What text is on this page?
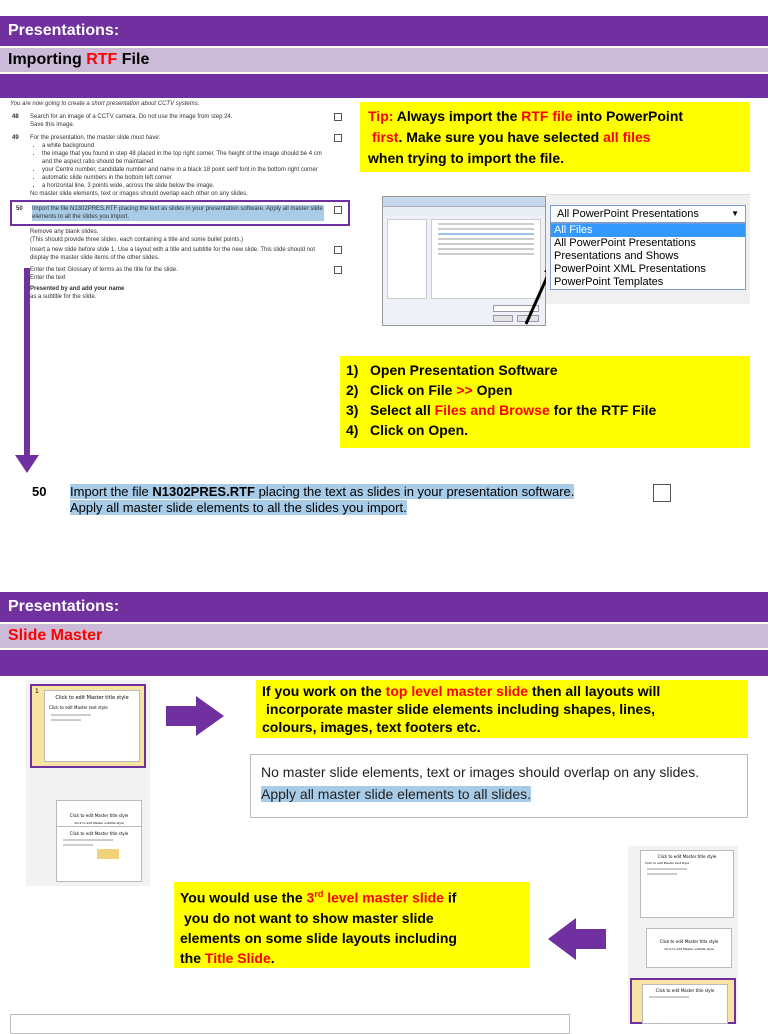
Presentations:
Importing RTF File
You are now going to create a short presentation about CCTV systems.
48 Search for an image of a CCTV camera. Do not use the image from step 24.
Save this image.
49 For the presentation, the master slide must have:
• a white background
• the image that you found in step 48 placed in the top right corner. The height of the image should be 4 cm and the aspect ratio should be maintained
• your Centre number, candidate number and name in a black 18 point serif font in the bottom right corner
• automatic slide numbers in the bottom left corner
• a horizontal line, 3 points wide, across the slide below the image.
No master slide elements, text or images should overlap each other on any slides.
50 Import the file N1302PRES.RTF placing the text as slides in your presentation software. Apply all master slide elements to all the slides you import.
Remove any blank slides.
(This should provide three slides, each containing a title and some bullet points.)
Insert a new slide before slide 1. Use a layout with a title and subtitle for the new slide. This slide should not display the master slide items of the other slides.
Enter the text Glossary of terms as the title for the slide.
Enter the text
Presented by and add your name
as a subtitle for the slide.
Tip: Always import the RTF file into PowerPoint
first. Make sure you have selected all files
when trying to import the file.
All PowerPoint Presentations	▼
All Files
All PowerPoint Presentations
Presentations and Shows
PowerPoint XML Presentations
PowerPoint Templates
1) Open Presentation Software
2) Click on File >> Open
3) Select all Files and Browse for the RTF File
4) Click on Open.
50 Import the file N1302PRES.RTF placing the text as slides in your presentation software.
Apply all master slide elements to all the slides you import.
Presentations:
Slide Master
1
Click to edit Master title style
Click to edit Master text style
Click to edit Master title style
Click to edit Master subtitle style
Click to edit Master title style
If you work on the top level master slide then all layouts will
incorporate master slide elements including shapes, lines,
colours, images, text footers etc.
No master slide elements, text or images should overlap on any slides.
Apply all master slide elements to all slides.
Click to edit Master title style
Click to edit Master text style
Click to edit Master title style
Click to edit Master subtitle style
Click to edit Master title style
You would use the 3rd level master slide if
you do not want to show master slide
elements on some slide layouts including
the Title Slide.
